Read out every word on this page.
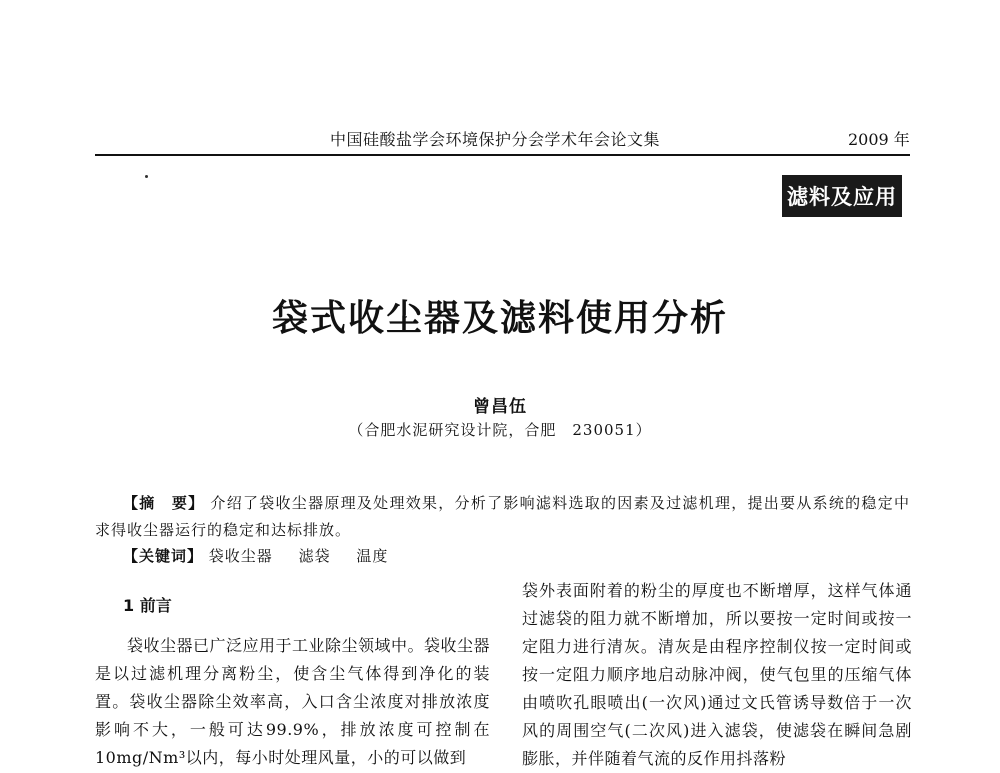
中国硅酸盐学会环境保护分会学术年会论文集	2009 年
滤料及应用
袋式收尘器及滤料使用分析
曾昌伍
（合肥水泥研究设计院，合肥　230051）
【摘　要】 介绍了袋收尘器原理及处理效果，分析了影响滤料选取的因素及过滤机理，提出要从系统的稳定中求得收尘器运行的稳定和达标排放。
【关键词】 袋收尘器 滤袋 温度
1 前言

袋收尘器已广泛应用于工业除尘领域中。袋收尘器是以过滤机理分离粉尘，使含尘气体得到净化的装置。袋收尘器除尘效率高，入口含尘浓度对排放浓度影响不大，一般可达99.9%，排放浓度可控制在10mg/Nm³以内，每小时处理风量，小的可以做到

袋外表面附着的粉尘的厚度也不断增厚，这样气体通过滤袋的阻力就不断增加，所以要按一定时间或按一定阻力进行清灰。清灰是由程序控制仪按一定时间或按一定阻力顺序地启动脉冲阀，使气包里的压缩气体由喷吹孔眼喷出(一次风)通过文氏管诱导数倍于一次风的周围空气(二次风)进入滤袋，使滤袋在瞬间急剧膨胀，并伴随着气流的反作用抖落粉
